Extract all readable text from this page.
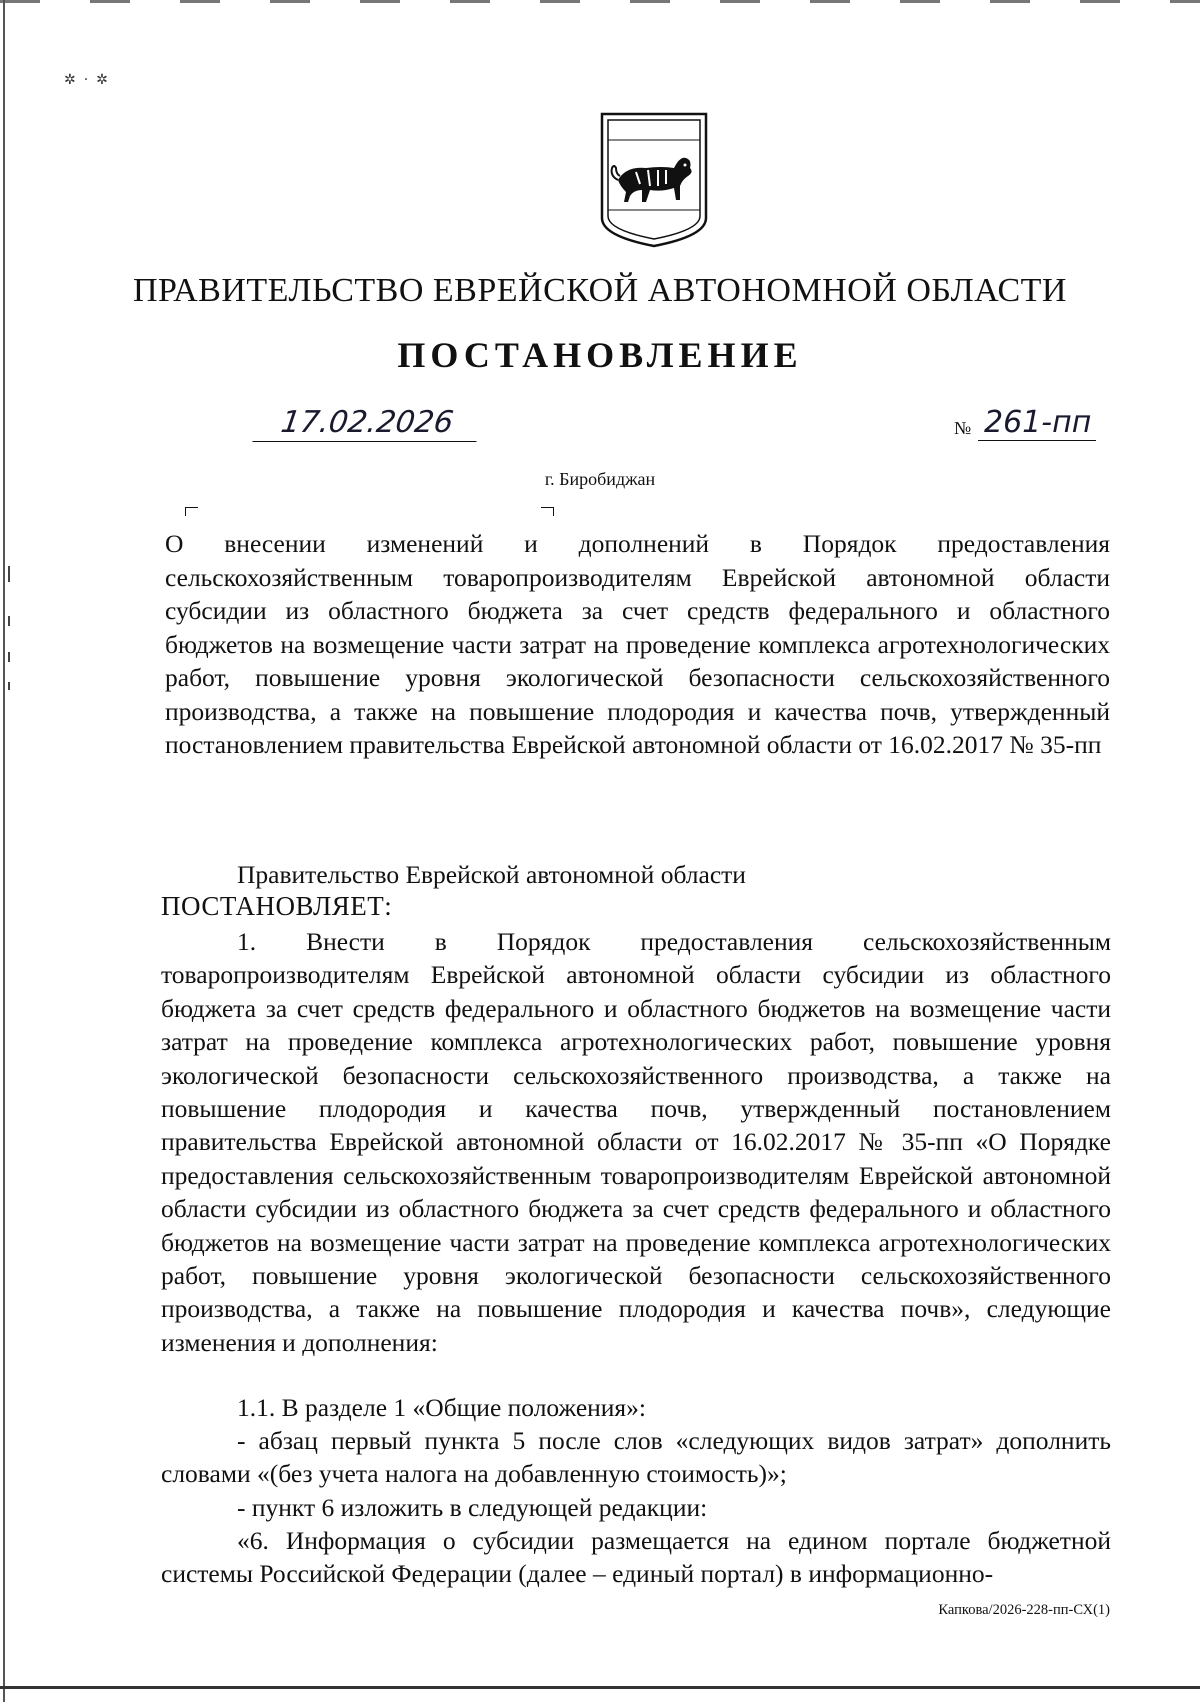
✲·✲
ПРАВИТЕЛЬСТВО ЕВРЕЙСКОЙ АВТОНОМНОЙ ОБЛАСТИ
ПОСТАНОВЛЕНИЕ
17.02.2026	№ 261-пп
г. Биробиджан
О внесении изменений и дополнений в Порядок предоставления сельскохозяйственным товаропроизводителям Еврейской автономной области субсидии из областного бюджета за счет средств федерального и областного бюджетов на возмещение части затрат на проведение комплекса агротехнологических работ, повышение уровня экологической безопасности сельскохозяйственного производства, а также на повышение плодородия и качества почв, утвержденный постановлением правительства Еврейской автономной области от 16.02.2017 № 35-пп
Правительство Еврейской автономной области
ПОСТАНОВЛЯЕТ:
1. Внести в Порядок предоставления сельскохозяйственным товаропроизводителям Еврейской автономной области субсидии из областного бюджета за счет средств федерального и областного бюджетов на возмещение части затрат на проведение комплекса агротехнологических работ, повышение уровня экологической безопасности сельскохозяйственного производства, а также на повышение плодородия и качества почв, утвержденный постановлением правительства Еврейской автономной области от 16.02.2017 № 35-пп «О Порядке предоставления сельскохозяйственным товаропроизводителям Еврейской автономной области субсидии из областного бюджета за счет средств федерального и областного бюджетов на возмещение части затрат на проведение комплекса агротехнологических работ, повышение уровня экологической безопасности сельскохозяйственного производства, а также на повышение плодородия и качества почв», следующие изменения и дополнения:
1.1. В разделе 1 «Общие положения»:
- абзац первый пункта 5 после слов «следующих видов затрат» дополнить словами «(без учета налога на добавленную стоимость)»;
- пункт 6 изложить в следующей редакции:
«6. Информация о субсидии размещается на едином портале бюджетной системы Российской Федерации (далее – единый портал) в информационно-
Капкова/2026-228-пп-СХ(1)
